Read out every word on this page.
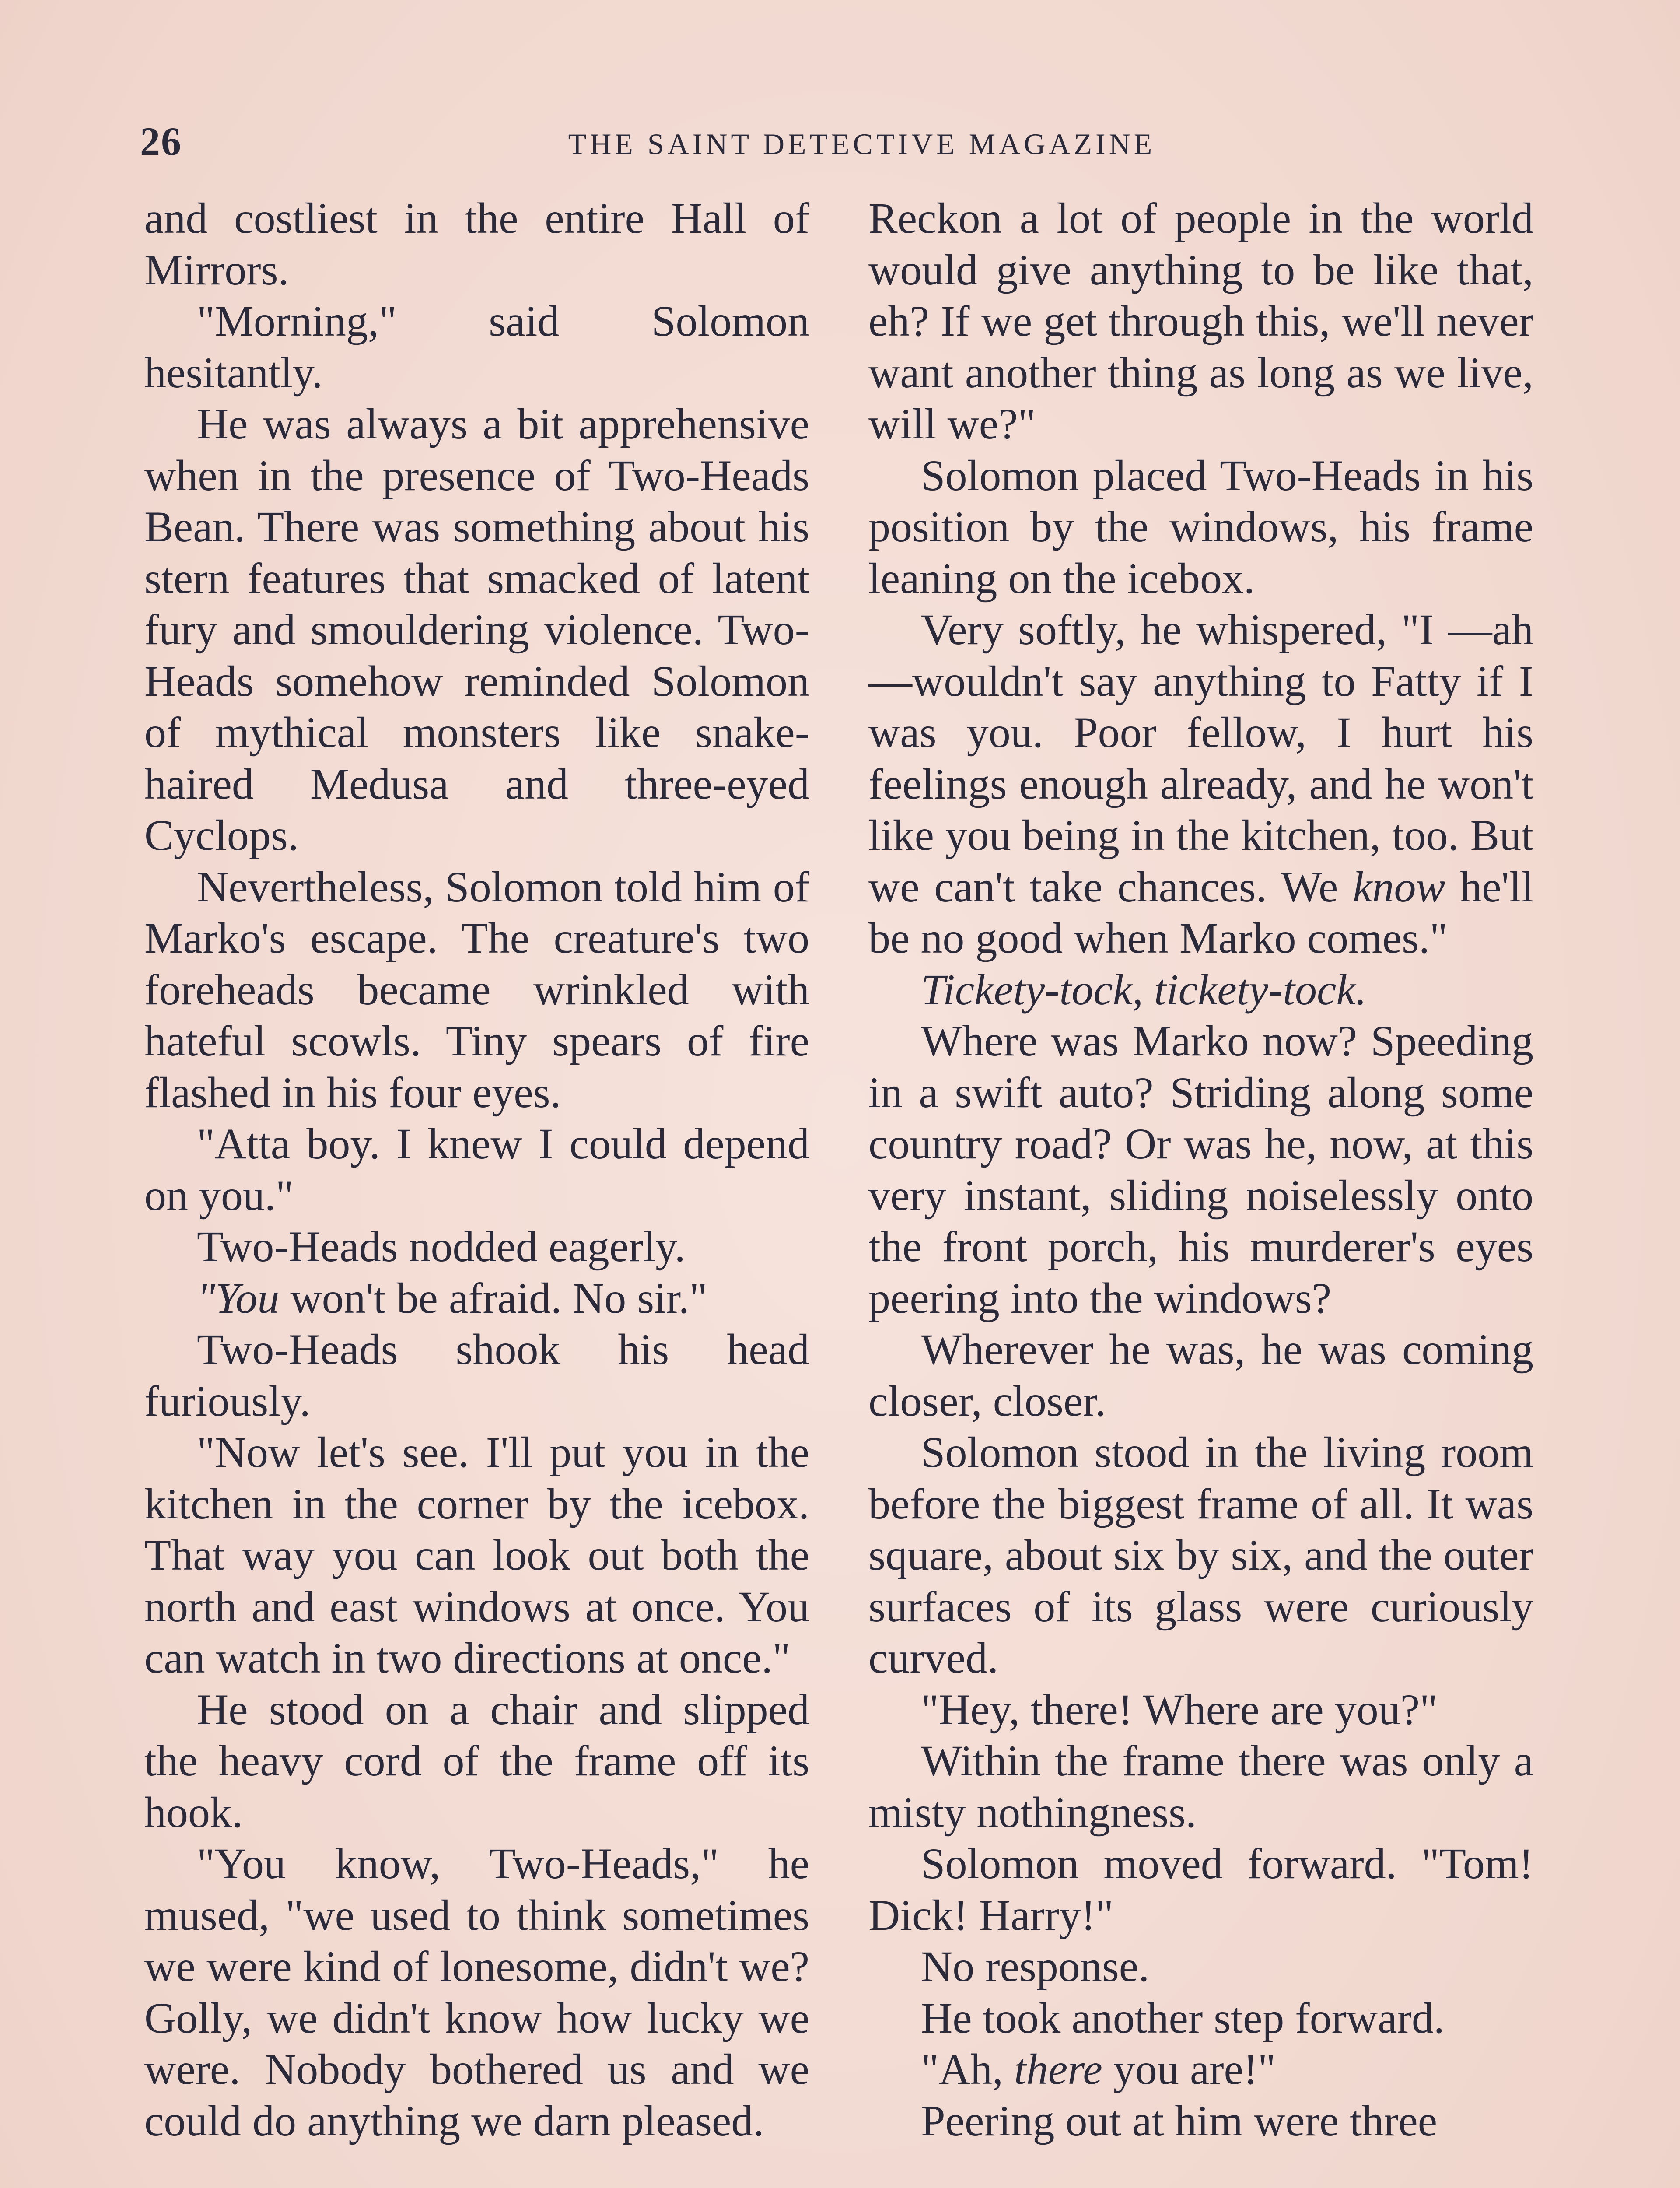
26	THE SAINT DETECTIVE MAGAZINE

and costliest in the entire Hall of Mirrors.

"Morning," said Solomon hesitantly.

He was always a bit apprehensive when in the presence of Two-Heads Bean. There was something about his stern features that smacked of latent fury and smouldering violence. Two-Heads somehow reminded Solomon of mythical monsters like snake-haired Medusa and three-eyed Cyclops.

Nevertheless, Solomon told him of Marko's escape. The creature's two foreheads became wrinkled with hateful scowls. Tiny spears of fire flashed in his four eyes.

"Atta boy. I knew I could depend on you."

Two-Heads nodded eagerly.

"You won't be afraid. No sir."

Two-Heads shook his head furiously.

"Now let's see. I'll put you in the kitchen in the corner by the icebox. That way you can look out both the north and east windows at once. You can watch in two directions at once."

He stood on a chair and slipped the heavy cord of the frame off its hook.

"You know, Two-Heads," he mused, "we used to think sometimes we were kind of lonesome, didn't we? Golly, we didn't know how lucky we were. Nobody bothered us and we could do anything we darn pleased.

Reckon a lot of people in the world would give anything to be like that, eh? If we get through this, we'll never want another thing as long as we live, will we?"

Solomon placed Two-Heads in his position by the windows, his frame leaning on the icebox.

Very softly, he whispered, "I —ah—wouldn't say anything to Fatty if I was you. Poor fellow, I hurt his feelings enough already, and he won't like you being in the kitchen, too. But we can't take chances. We know he'll be no good when Marko comes."

Tickety-tock, tickety-tock.

Where was Marko now? Speeding in a swift auto? Striding along some country road? Or was he, now, at this very instant, sliding noiselessly onto the front porch, his murderer's eyes peering into the windows?

Wherever he was, he was coming closer, closer.

Solomon stood in the living room before the biggest frame of all. It was square, about six by six, and the outer surfaces of its glass were curiously curved.

"Hey, there! Where are you?"

Within the frame there was only a misty nothingness.

Solomon moved forward. "Tom! Dick! Harry!"

No response.

He took another step forward.

"Ah, there you are!"

Peering out at him were three
